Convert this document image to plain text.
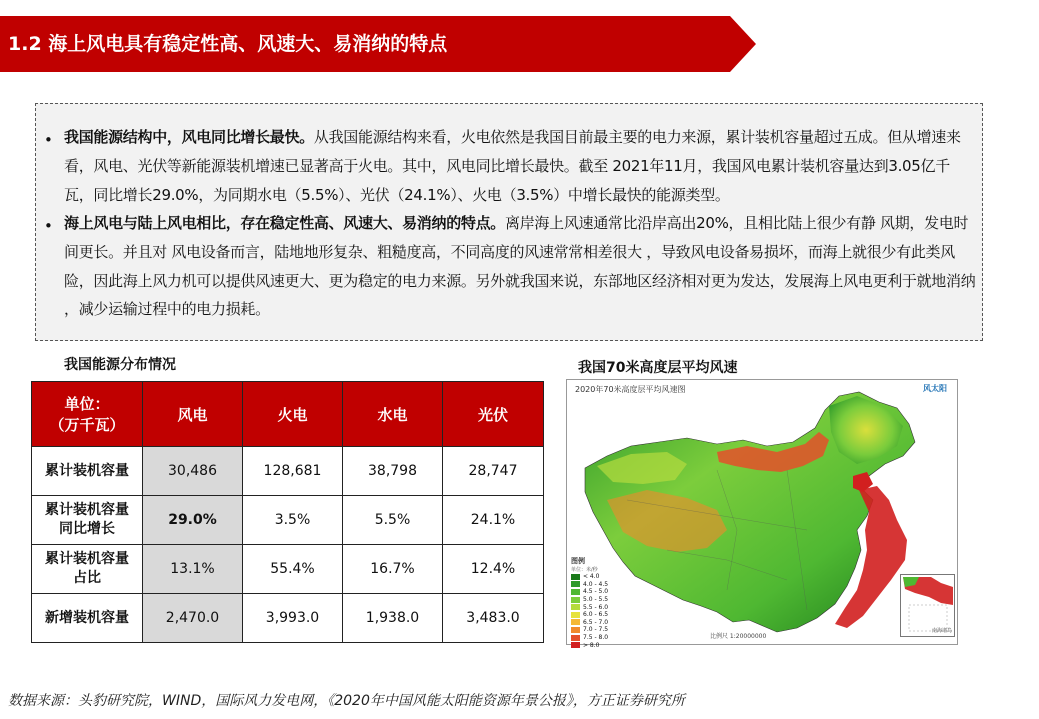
1.2 海上风电具有稳定性高、风速大、易消纳的特点
• 我国能源结构中，风电同比增长最快。从我国能源结构来看，火电依然是我国目前最主要的电力来源，累计装机容量超过五成。但从增速来看，风电、光伏等新能源装机增速已显著高于火电。其中，风电同比增长最快。截至 2021年11月，我国风电累计装机容量达到3.05亿千瓦，同比增长29.0%，为同期水电（5.5%）、光伏（24.1%）、火电（3.5%）中增长最快的能源类型。
• 海上风电与陆上风电相比，存在稳定性高、风速大、易消纳的特点。离岸海上风速通常比沿岸高出20%，且相比陆上很少有静 风期，发电时间更长。并且对 风电设备而言，陆地地形复杂、粗糙度高，不同高度的风速常常相差很大 ，导致风电设备易损坏，而海上就很少有此类风险，因此海上风力机可以提供风速更大、更为稳定的电力来源。另外就我国来说，东部地区经济相对更为发达，发展海上风电更利于就地消纳 ，减少运输过程中的电力损耗。
我国能源分布情况
单位：
（万千瓦）	风电	火电	水电	光伏

累计装机容量	30,486	128,681	38,798	28,747

累计装机容量
同比增长	29.0%	3.5%	5.5%	24.1%

累计装机容量
占比	13.1%	55.4%	16.7%	12.4%

新增装机容量	2,470.0	3,993.0	1,938.0	3,483.0
我国70米高度层平均风速
2020年70米高度层平均风速图	风太阳
图例
单位：米/秒
< 4.0
4.0 - 4.5
4.5 - 5.0
5.0 - 5.5
5.5 - 6.0
6.0 - 6.5
6.5 - 7.0
7.0 - 7.5
7.5 - 8.0
> 8.0
比例尺 1:20000000
南海诸岛
数据来源：头豹研究院，WIND，国际风力发电网，《2020年中国风能太阳能资源年景公报》，方正证券研究所
